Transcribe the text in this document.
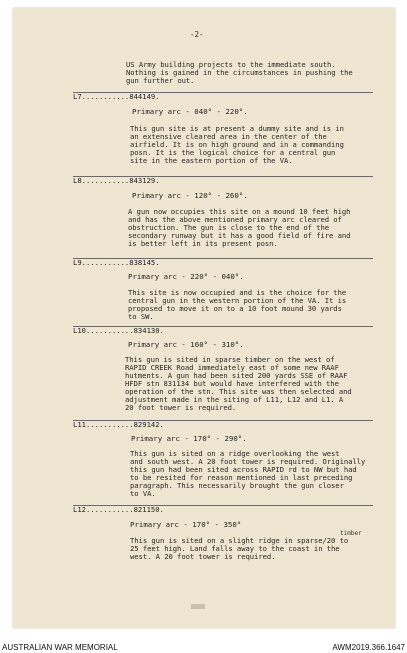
-2-
US Army building projects to the immediate south.
Nothing is gained in the circumstances in pushing the
gun further out.
L7...........844149.
Primary arc - 040° - 220°.
This gun site is at present a dummy site and is in
an extensive cleared area in the center of the
airfield. It is on high ground and in a commanding
posn. It is the logical choice for a central gun
site in the eastern portion of the VA.
L8...........843129.
Primary arc - 120° - 260°.
A gun now occupies this site on a mound 10 feet high
and has the above mentioned primary arc cleared of
obstruction. The gun is close to the end of the
secondary runway but it has a good field of fire and
is better left in its present posn.
L9...........838145.
Primary arc - 220° - 040°.
This site is now occupied and is the choice for the
central gun in the western portion of the VA. It is
proposed to move it on to a 10 foot mound 30 yards
to SW.
L10...........834130.
Primary arc - 160° - 310°.
This gun is sited in sparse timber on the west of
RAPID CREEK Road immediately east of some new RAAF
hutments. A gun had been sited 200 yards SSE of RAAF
HFDF stn 831134 but would have interfered with the
operation of the stn. This site was then selected and
adjustment made in the siting of L11, L12 and L1. A
20 foot tower is required.
L11...........829142.
Primary arc - 170° - 290°.
This gun is sited on a ridge overlooking the west
and south west. A 20 foot tower is required. Originally
this gun had been sited across RAPID rd to NW but had
to be resited for reason mentioned in last preceding
paragraph. This necessarily brought the gun closer
to VA.
L12...........821150.
Primary arc - 170° - 350°
timber
This gun is sited on a slight ridge in sparse/20 to
25 feet high. Land falls away to the coast in the
west. A 20 foot tower is required.
AUSTRALIAN WAR MEMORIAL	AWM2019.366.1647
